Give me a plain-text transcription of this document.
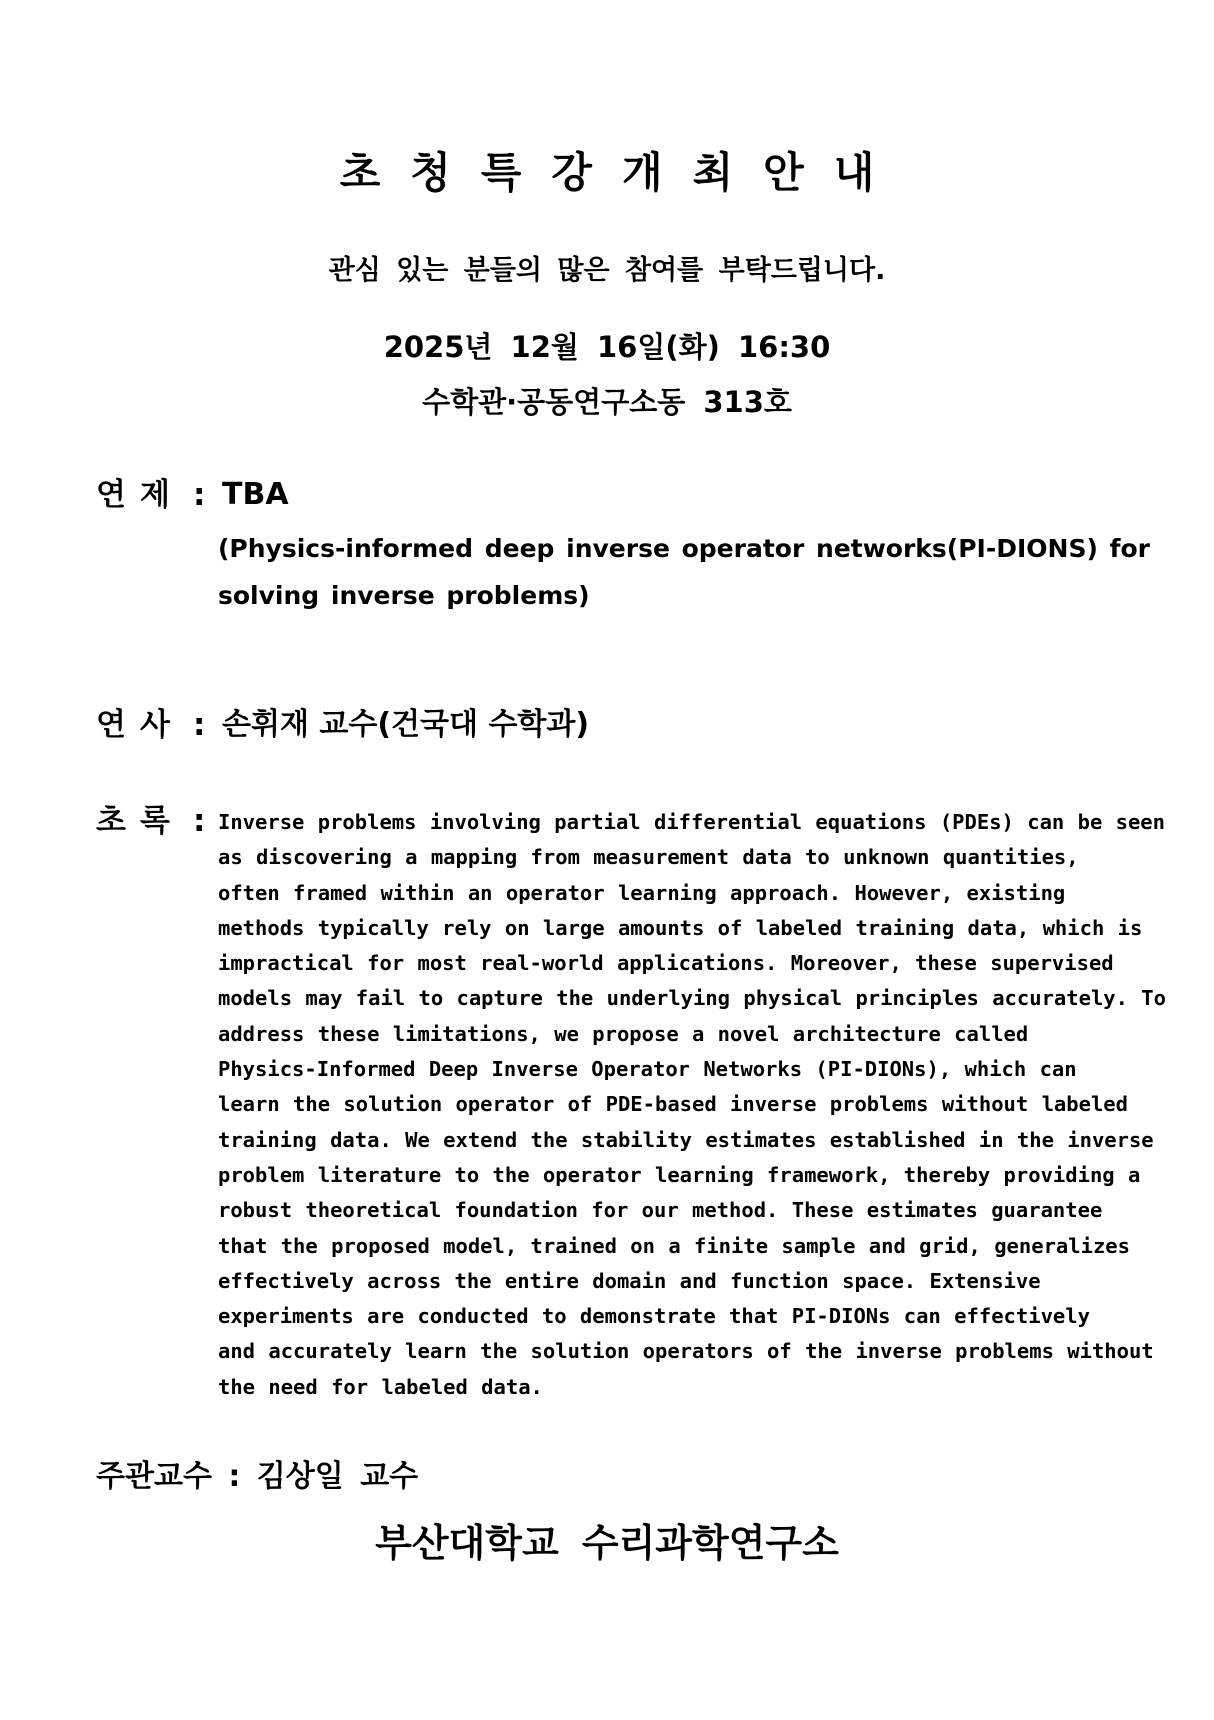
초청특강개최안내
관심 있는 분들의 많은 참여를 부탁드립니다.
2025년 12월 16일(화) 16:30
수학관·공동연구소동 313호
연제 : TBA
(Physics-informed deep inverse operator networks(PI-DIONS) for
solving inverse problems)
연사 : 손휘재 교수(건국대 수학과)
초록 : Inverse problems involving partial differential equations (PDEs) can be seen
as discovering a mapping from measurement data to unknown quantities,
often framed within an operator learning approach. However, existing
methods typically rely on large amounts of labeled training data, which is
impractical for most real-world applications. Moreover, these supervised
models may fail to capture the underlying physical principles accurately. To
address these limitations, we propose a novel architecture called
Physics-Informed Deep Inverse Operator Networks (PI-DIONs), which can
learn the solution operator of PDE-based inverse problems without labeled
training data. We extend the stability estimates established in the inverse
problem literature to the operator learning framework, thereby providing a
robust theoretical foundation for our method. These estimates guarantee
that the proposed model, trained on a finite sample and grid, generalizes
effectively across the entire domain and function space. Extensive
experiments are conducted to demonstrate that PI-DIONs can effectively
and accurately learn the solution operators of the inverse problems without
the need for labeled data.
주관교수 : 김상일 교수
부산대학교 수리과학연구소
